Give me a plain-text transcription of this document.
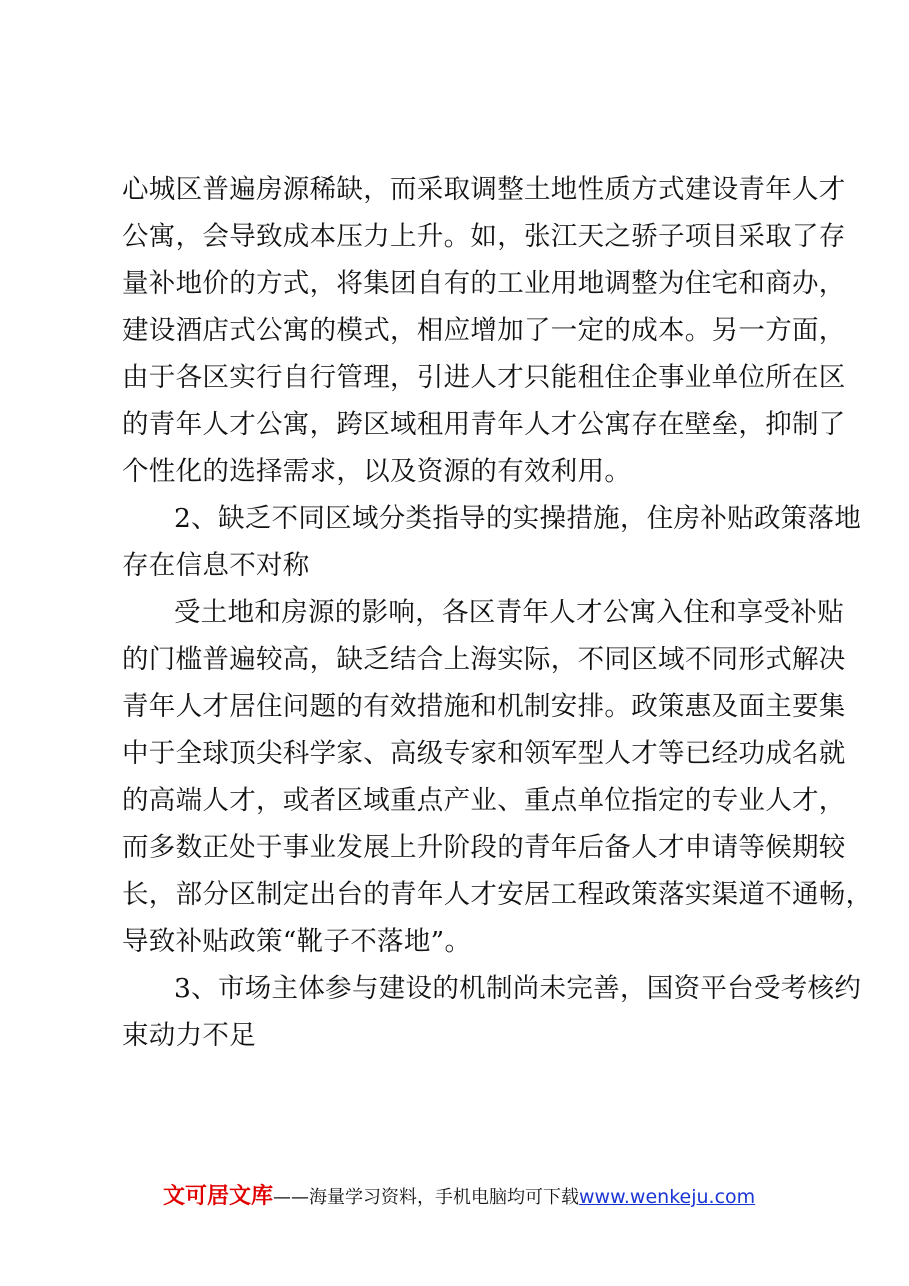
心城区普遍房源稀缺，而采取调整土地性质方式建设青年人才
公寓，会导致成本压力上升。如，张江天之骄子项目采取了存
量补地价的方式，将集团自有的工业用地调整为住宅和商办，
建设酒店式公寓的模式，相应增加了一定的成本。另一方面，
由于各区实行自行管理，引进人才只能租住企事业单位所在区
的青年人才公寓，跨区域租用青年人才公寓存在壁垒，抑制了
个性化的选择需求，以及资源的有效利用。
2、缺乏不同区域分类指导的实操措施，住房补贴政策落地
存在信息不对称
受土地和房源的影响，各区青年人才公寓入住和享受补贴
的门槛普遍较高，缺乏结合上海实际，不同区域不同形式解决
青年人才居住问题的有效措施和机制安排。政策惠及面主要集
中于全球顶尖科学家、高级专家和领军型人才等已经功成名就
的高端人才，或者区域重点产业、重点单位指定的专业人才，
而多数正处于事业发展上升阶段的青年后备人才申请等候期较
长，部分区制定出台的青年人才安居工程政策落实渠道不通畅，
导致补贴政策“靴子不落地”。
3、市场主体参与建设的机制尚未完善，国资平台受考核约
束动力不足
文可居文库——海量学习资料，手机电脑均可下载www.wenkeju.com
